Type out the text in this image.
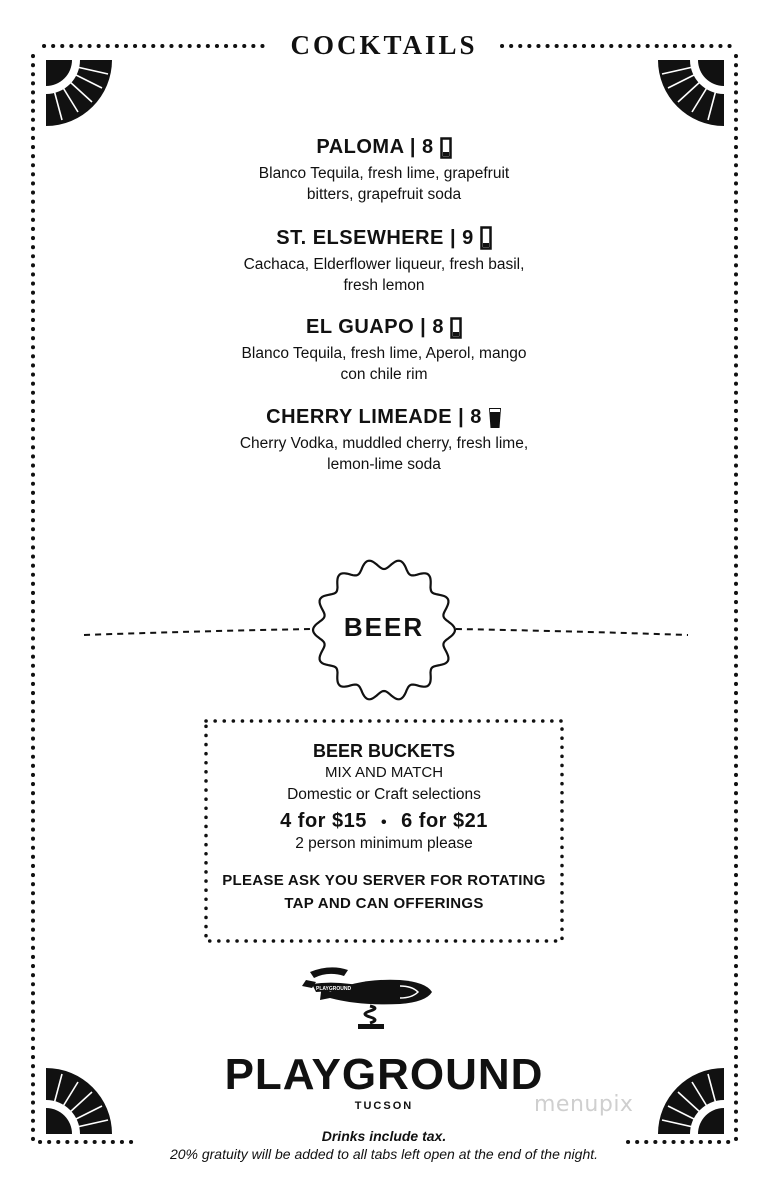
COCKTAILS
PALOMA | 8
Blanco Tequila, fresh lime, grapefruit
bitters, grapefruit soda
ST. ELSEWHERE | 9
Cachaca, Elderflower liqueur, fresh basil,
fresh lemon
EL GUAPO | 8
Blanco Tequila, fresh lime, Aperol, mango
con chile rim
CHERRY LIMEADE | 8
Cherry Vodka, muddled cherry, fresh lime,
lemon-lime soda
BEER
BEER BUCKETS
MIX AND MATCH
Domestic or Craft selections
4 for $15 • 6 for $21
2 person minimum please
PLEASE ASK YOU SERVER FOR ROTATING
TAP AND CAN OFFERINGS
PLAYGROUND
PLAYGROUND
TUCSON	menupix
Drinks include tax.
20% gratuity will be added to all tabs left open at the end of the night.
